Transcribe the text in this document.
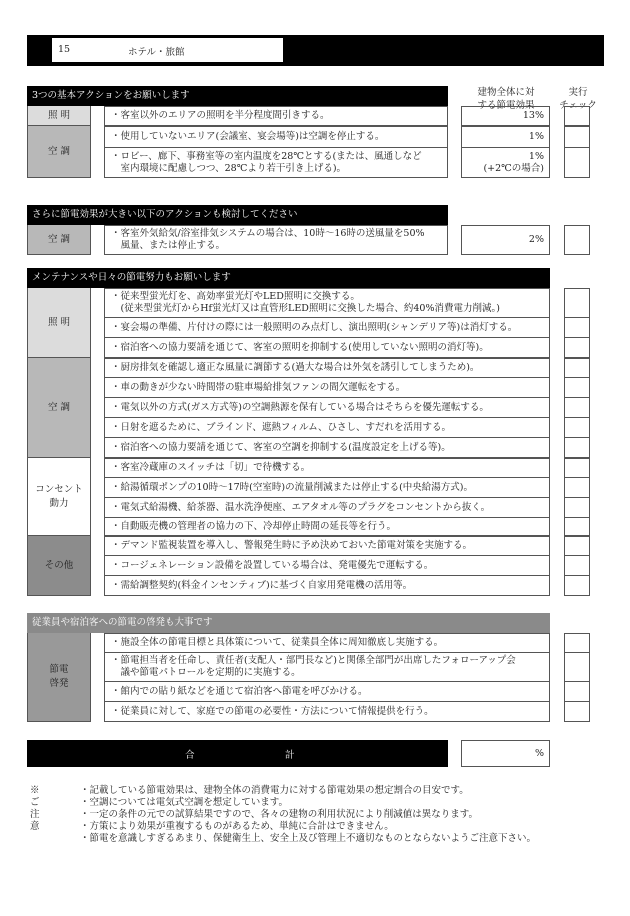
15	ホテル・旅館
建物全体に対
する節電効果
実行
チェック
3つの基本アクションをお願いします
照 明	・客室以外のエリアの照明を半分程度間引きする。	13%
空 調
・使用していないエリア(会議室、宴会場等)は空調を停止する。	1%
・ロビー、廊下、事務室等の室内温度を28℃とする(または、風通しなど
　室内環境に配慮しつつ、28℃より若干引き上げる)。
1%
(+2℃の場合)
さらに節電効果が大きい以下のアクションも検討してください
空 調	・客室外気給気/浴室排気システムの場合は、10時～16時の送風量を50%
　風量、または停止する。
2%
メンテナンスや日々の節電努力もお願いします
照 明
・従来型蛍光灯を、高効率蛍光灯やLED照明に交換する。
　(従来型蛍光灯からHf蛍光灯又は直管形LED照明に交換した場合、約40%消費電力削減。)
・宴会場の準備、片付けの際には一般照明のみ点灯し、演出照明(シャンデリア等)は消灯する。
・宿泊客への協力要請を通じて、客室の照明を抑制する(使用していない照明の消灯等)。
空 調
・厨房排気を確認し適正な風量に調節する(過大な場合は外気を誘引してしまうため)。
・車の動きが少ない時間帯の駐車場給排気ファンの間欠運転をする。
・電気以外の方式(ガス方式等)の空調熱源を保有している場合はそちらを優先運転する。
・日射を遮るために、ブラインド、遮熱フィルム、ひさし、すだれを活用する。
・宿泊客への協力要請を通じて、客室の空調を抑制する(温度設定を上げる等)。
コンセント
動力
・客室冷蔵庫のスイッチは「切」で待機する。
・給湯循環ポンプの10時～17時(空室時)の流量削減または停止する(中央給湯方式)。
・電気式給湯機、給茶器、温水洗浄便座、エアタオル等のプラグをコンセントから抜く。
・自動販売機の管理者の協力の下、冷却停止時間の延長等を行う。
その他
・デマンド監視装置を導入し、警報発生時に予め決めておいた節電対策を実施する。
・コージェネレーション設備を設置している場合は、発電優先で運転する。
・需給調整契約(料金インセンティブ)に基づく自家用発電機の活用等。
従業員や宿泊客への節電の啓発も大事です
節電
啓発
・施設全体の節電目標と具体策について、従業員全体に周知徹底し実施する。
・節電担当者を任命し、責任者(支配人・部門長など)と関係全部門が出席したフォローアップ会
　議や節電パトロールを定期的に実施する。
・館内での貼り紙などを通じて宿泊客へ節電を呼びかける。
・従業員に対して、家庭での節電の必要性・方法について情報提供を行う。
合	計	%
※ご注意
・記載している節電効果は、建物全体の消費電力に対する節電効果の想定割合の目安です。
・空調については電気式空調を想定しています。
・一定の条件の元での試算結果ですので、各々の建物の利用状況により削減値は異なります。
・方策により効果が重複するものがあるため、単純に合計はできません。
・節電を意識しすぎるあまり、保健衛生上、安全上及び管理上不適切なものとならないようご注意下さい。
